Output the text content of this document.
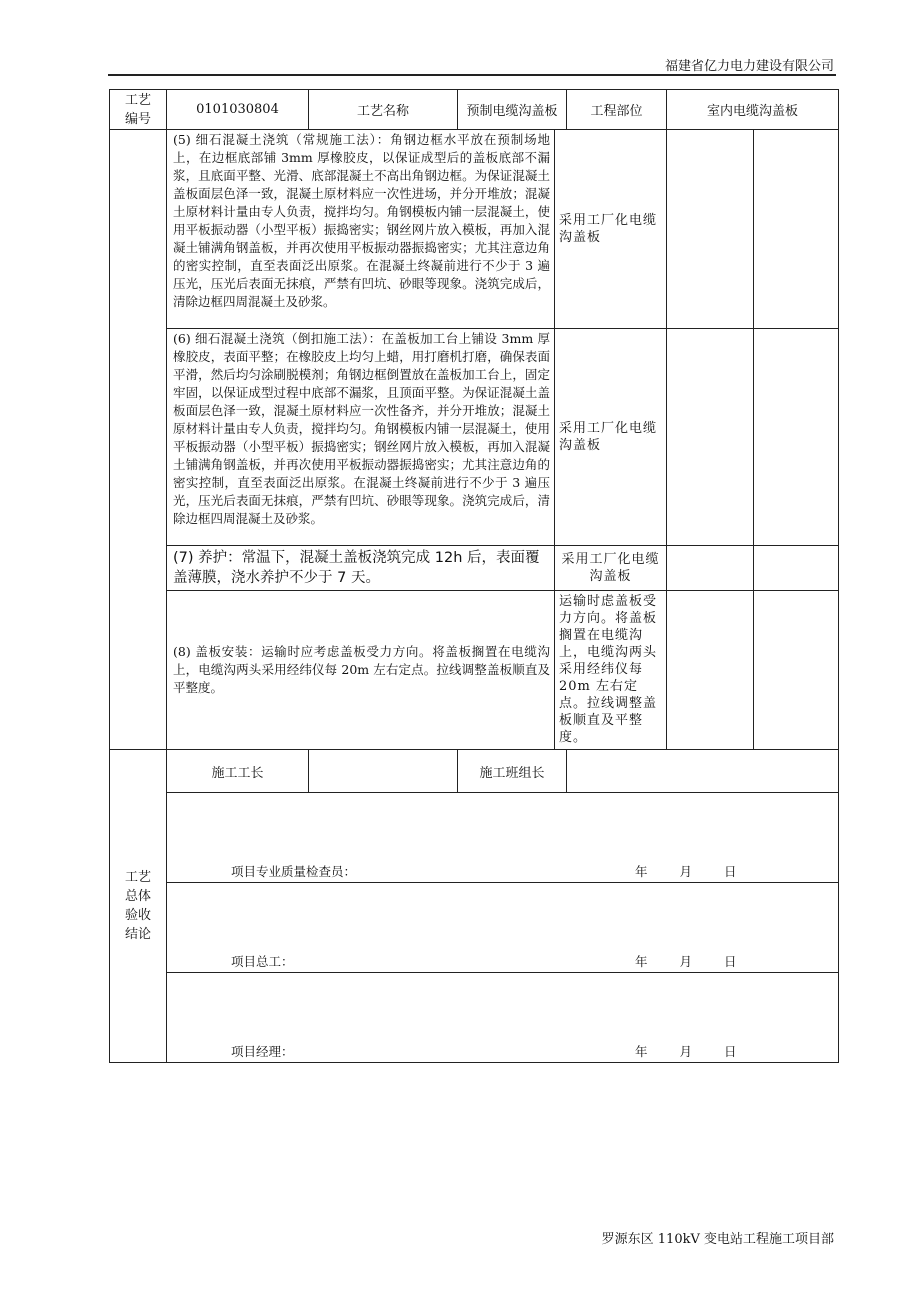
福建省亿力电力建设有限公司
工艺编号	0101030804	工艺名称	预制电缆沟盖板		工程部位	室内电缆沟盖板	
	(5) 细石混凝土浇筑（常规施工法）：角钢边框水平放在预制场地上，在边框底部铺 3mm 厚橡胶皮，以保证成型后的盖板底部不漏浆，且底面平整、光滑、底部混凝土不高出角钢边框。为保证混凝土盖板面层色泽一致，混凝土原材料应一次性进场，并分开堆放；混凝土原材料计量由专人负责，搅拌均匀。角钢模板内铺一层混凝土，使用平板振动器（小型平板）振捣密实；钢丝网片放入模板，再加入混凝土铺满角钢盖板，并再次使用平板振动器振捣密实；尤其注意边角的密实控制，直至表面泛出原浆。在混凝土终凝前进行不少于 3 遍压光，压光后表面无抹痕，严禁有凹坑、砂眼等现象。浇筑完成后，清除边框四周混凝土及砂浆。			采用工厂化电缆沟盖板			
	(6) 细石混凝土浇筑（倒扣施工法）：在盖板加工台上铺设 3mm 厚橡胶皮，表面平整；在橡胶皮上均匀上蜡，用打磨机打磨，确保表面平滑，然后均匀涂刷脱模剂；角钢边框倒置放在盖板加工台上，固定牢固，以保证成型过程中底部不漏浆，且顶面平整。为保证混凝土盖板面层色泽一致，混凝土原材料应一次性备齐，并分开堆放；混凝土原材料计量由专人负责，搅拌均匀。角钢模板内铺一层混凝土，使用平板振动器（小型平板）振捣密实；钢丝网片放入模板，再加入混凝土铺满角钢盖板，并再次使用平板振动器振捣密实；尤其注意边角的密实控制，直至表面泛出原浆。在混凝土终凝前进行不少于 3 遍压光，压光后表面无抹痕，严禁有凹坑、砂眼等现象。浇筑完成后，清除边框四周混凝土及砂浆。			采用工厂化电缆沟盖板			
	(7) 养护：常温下，混凝土盖板浇筑完成 12h 后，表面覆盖薄膜，浇水养护不少于 7 天。			采用工厂化电缆沟盖板			
	(8) 盖板安装：运输时应考虑盖板受力方向。将盖板搁置在电缆沟上，电缆沟两头采用经纬仪每 20m 左右定点。拉线调整盖板顺直及平整度。			运输时虑盖板受力方向。将盖板搁置在电缆沟上，电缆沟两头采用经纬仪每 20m 左右定点。拉线调整盖板顺直及平整度。			
工艺总体验收结论	施工工长		施工班组长				

	项目专业质量检查员： 年 月 日						

	项目总工： 年 月 日						

	项目经理： 年 月 日						
罗源东区 110kV 变电站工程施工项目部
